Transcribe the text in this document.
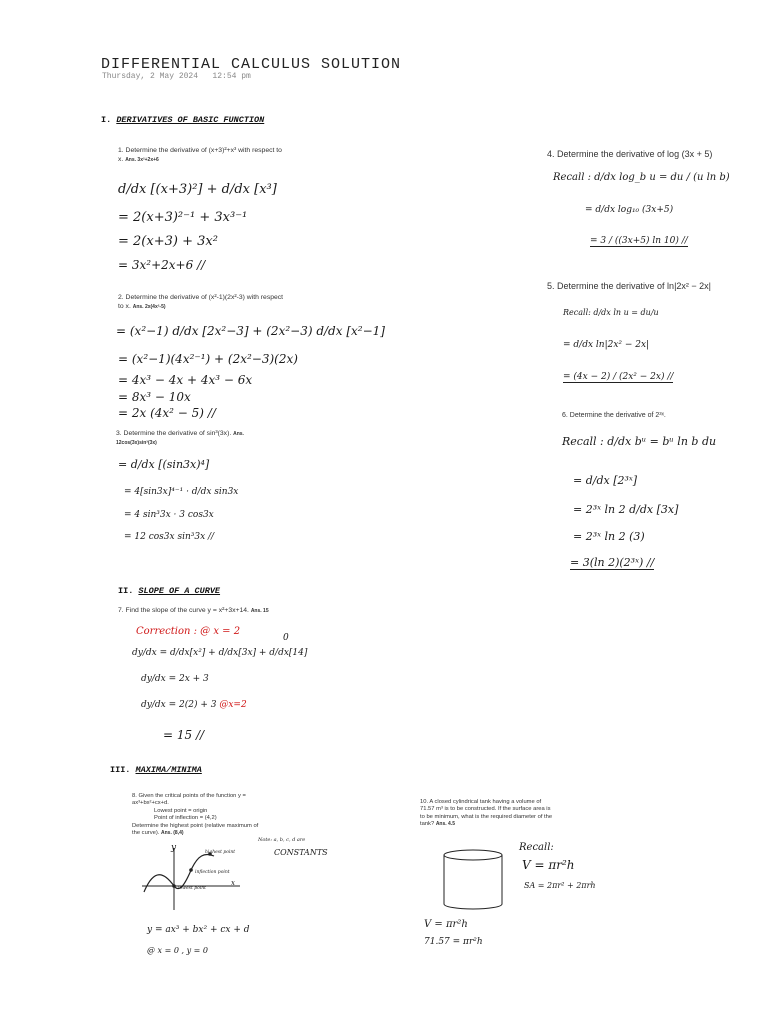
DIFFERENTIAL CALCULUS SOLUTION
Thursday, 2 May 2024 12:54 pm
I. DERIVATIVES OF BASIC FUNCTION
1. Determine the derivative of (x+3)²+x³ with respect to x. Ans. 3x²+2x+6
d/dx [(x+3)²] + d/dx [x³]
= 2(x+3)²⁻¹ + 3x³⁻¹
= 2(x+3) + 3x²
= 3x²+2x+6 //
2. Determine the derivative of (x²-1)(2x²-3) with respect to x. Ans. 2x(4x²-5)
= (x²−1) d/dx [2x²−3] + (2x²−3) d/dx [x²−1]
= (x²−1)(4x²⁻¹) + (2x²−3)(2x)
= 4x³ − 4x + 4x³ − 6x
= 8x³ − 10x
= 2x (4x² − 5) //
3. Determine the derivative of sin³(3x). Ans. 12cos(3x)sin³(3x)
= d/dx [(sin3x)⁴]
= 4[sin3x]⁴⁻¹ · d/dx sin3x
= 4 sin³3x · 3 cos3x
= 12 cos3x sin³3x //
4. Determine the derivative of log (3x + 5)
Recall : d/dx log_b u = du / (u ln b)
= d/dx log₁₀ (3x+5)
= 3 / ((3x+5) ln 10) //
5. Determine the derivative of ln|2x² − 2x|
Recall: d/dx ln u = du/u
= d/dx ln|2x² − 2x|
= (4x − 2) / (2x² − 2x) //
6. Determine the derivative of 2³ˣ.
Recall : d/dx bᵘ = bᵘ ln b du
= d/dx [2³ˣ]
= 2³ˣ ln 2 d/dx [3x]
= 2³ˣ ln 2 (3)
= 3(ln 2)(2³ˣ) //
II. SLOPE OF A CURVE
7. Find the slope of the curve y = x²+3x+14. Ans. 15
Correction : @ x = 2
0
dy/dx = d/dx[x²] + d/dx[3x] + d/dx[14]
dy/dx = 2x + 3
dy/dx = 2(2) + 3 @x=2
= 15 //
III. MAXIMA/MINIMA
8. Given the critical points of the function y =
ax³+bx²+cx+d.
Lowest point = origin
Point of inflection = (4,2)
Determine the highest point (relative maximum of
the curve). Ans. (8,4)
Note: a, b, c, d are
CONSTANTS
y
x
highest point
inflection point
lowest point
y = ax³ + bx² + cx + d
@ x = 0 , y = 0
10. A closed cylindrical tank having a volume of
71.57 m³ is to be constructed. If the surface area is
to be minimum, what is the required diameter of the
tank? Ans. 4.5
Recall:
V = πr²h
SA = 2πr² + 2πrh
V = πr²h
71.57 = πr²h
